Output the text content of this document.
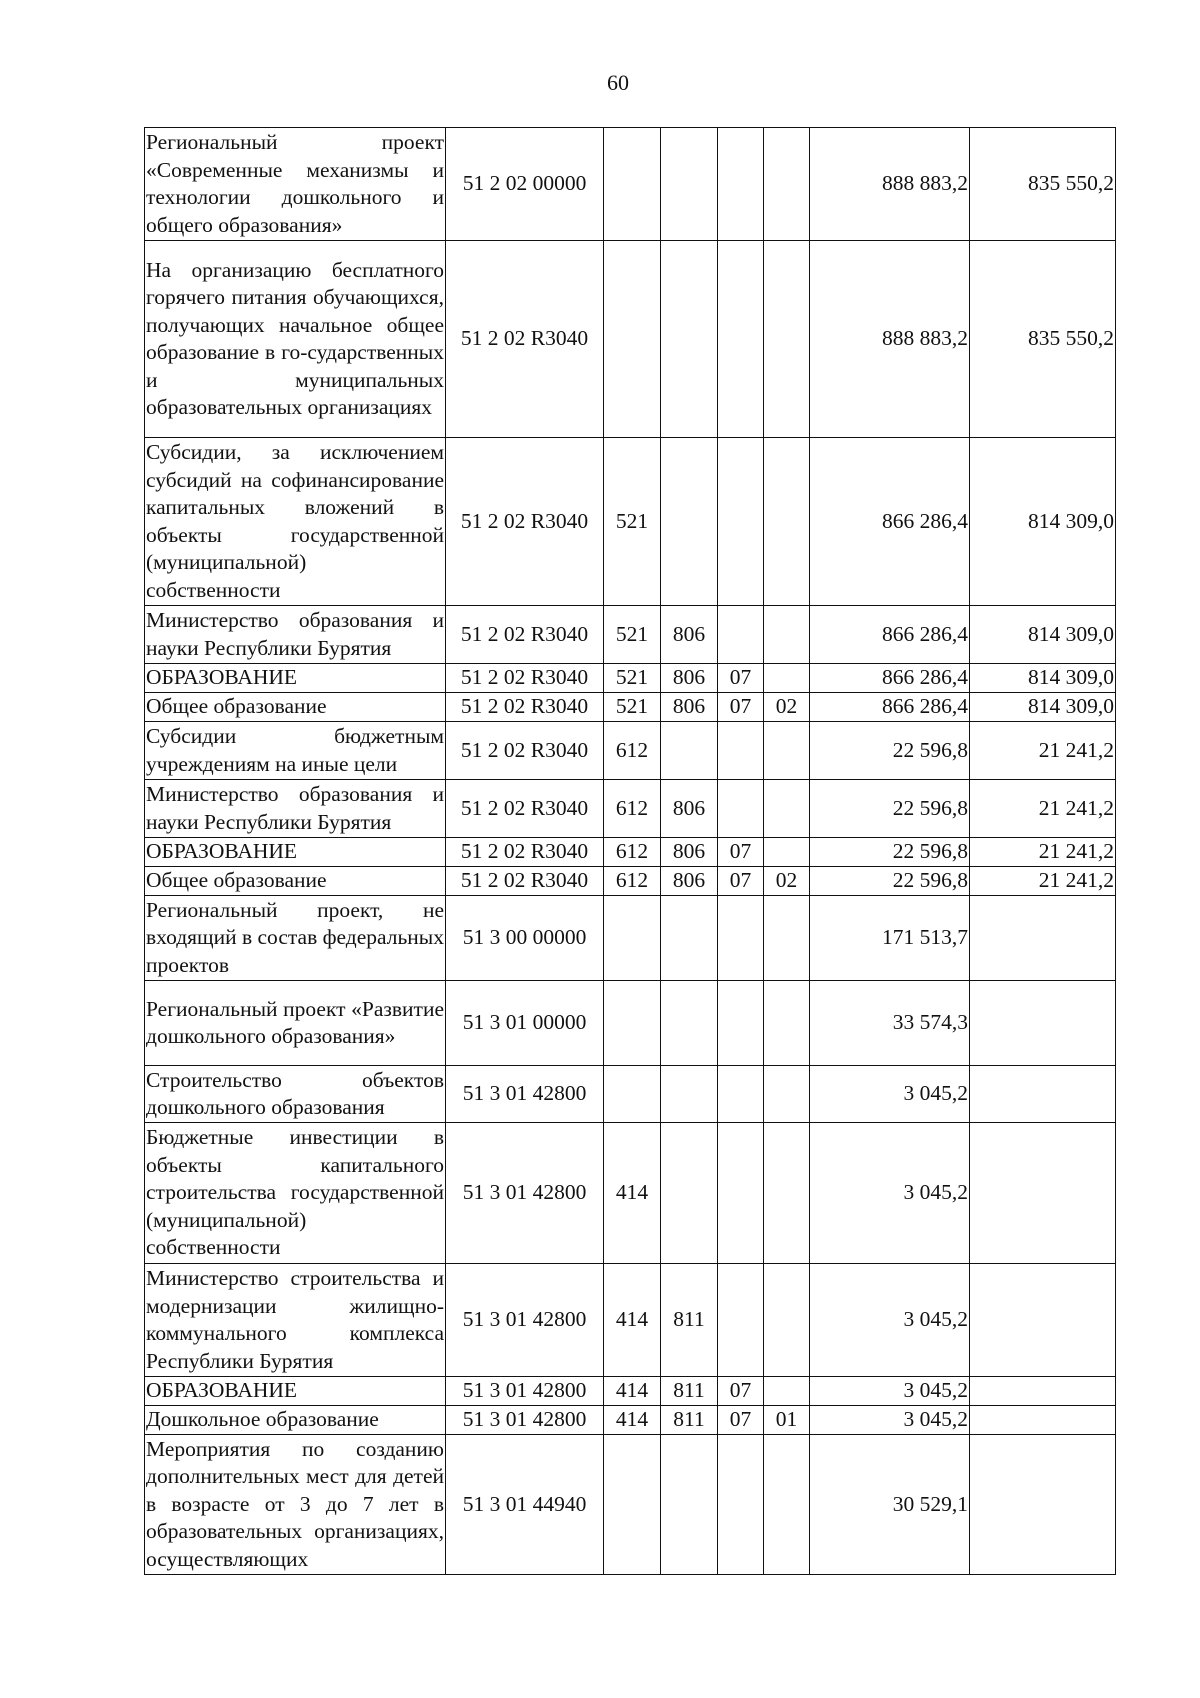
60
Региональный проект «Современные механизмы и технологии дошкольного и общего образования»	51 2 02 00000					888 883,2	835 550,2
На организацию бесплатного горячего питания обучающихся, получающих начальное общее образование в го-сударственных и муниципальных образовательных организациях	51 2 02 R3040					888 883,2	835 550,2
Субсидии, за исключением субсидий на софинансирование капитальных вложений в объекты государственной (муниципальной) собственности	51 2 02 R3040	521				866 286,4	814 309,0
Министерство образования и науки Республики Бурятия	51 2 02 R3040	521	806			866 286,4	814 309,0
ОБРАЗОВАНИЕ	51 2 02 R3040	521	806	07		866 286,4	814 309,0
Общее образование	51 2 02 R3040	521	806	07	02	866 286,4	814 309,0
Субсидии бюджетным учреждениям на иные цели	51 2 02 R3040	612				22 596,8	21 241,2
Министерство образования и науки Республики Бурятия	51 2 02 R3040	612	806			22 596,8	21 241,2
ОБРАЗОВАНИЕ	51 2 02 R3040	612	806	07		22 596,8	21 241,2
Общее образование	51 2 02 R3040	612	806	07	02	22 596,8	21 241,2
Региональный проект, не входящий в состав федеральных проектов	51 3 00 00000					171 513,7	
Региональный проект «Развитие дошкольного образования»	51 3 01 00000					33 574,3	
Строительство объектов дошкольного образования	51 3 01 42800					3 045,2	
Бюджетные инвестиции в объекты капитального строительства государственной (муниципальной) собственности	51 3 01 42800	414				3 045,2	
Министерство строительства и модернизации жилищно-коммунального комплекса Республики Бурятия	51 3 01 42800	414	811			3 045,2	
ОБРАЗОВАНИЕ	51 3 01 42800	414	811	07		3 045,2	
Дошкольное образование	51 3 01 42800	414	811	07	01	3 045,2	
Мероприятия по созданию дополнительных мест для детей в возрасте от 3 до 7 лет в образовательных организациях, осуществляющих	51 3 01 44940					30 529,1	
